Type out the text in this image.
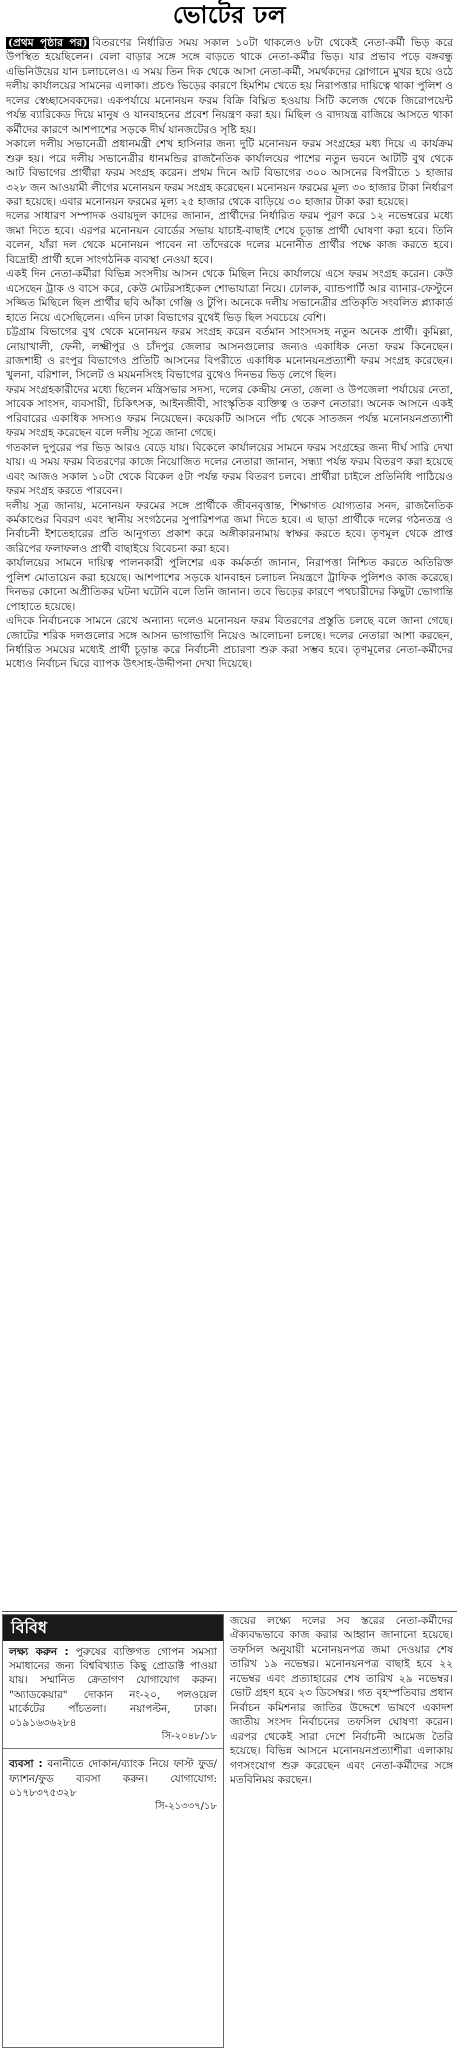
ভোটের ঢল

(প্রথম পৃষ্ঠার পর) বিতরণের নির্ধারিত সময় সকাল ১০টা থাকলেও ৮টা থেকেই নেতা-কর্মী ভিড় করে উপস্থিত হয়েছিলেন। বেলা বাড়ার সঙ্গে সঙ্গে বাড়তে থাকে নেতা-কর্মীর ভিড়। যার প্রভাব পড়ে বঙ্গবন্ধু এভিনিউয়ের যান চলাচলেও। এ সময় তিন দিক থেকে আসা নেতা-কর্মী, সমর্থকদের স্লোগানে মুখর হয়ে ওঠে দলীয় কার্যালয়ের সামনের এলাকা। প্রচণ্ড ভিড়ের কারণে হিমশিম খেতে হয় নিরাপত্তার দায়িত্বে থাকা পুলিশ ও দলের স্বেচ্ছাসেবকদের। একপর্যায়ে মনোনয়ন ফরম বিক্রি বিঘ্নিত হওয়ায় সিটি কলেজ থেকে জিরোপয়েন্ট পর্যন্ত ব্যারিকেড দিয়ে মানুষ ও যানবাহনের প্রবেশ নিয়ন্ত্রণ করা হয়। মিছিল ও বাদ্যযন্ত্র বাজিয়ে আসতে থাকা কর্মীদের কারণে আশপাশের সড়কে দীর্ঘ যানজটেরও সৃষ্টি হয়।

সকালে দলীয় সভানেত্রী প্রধানমন্ত্রী শেখ হাসিনার জন্য দুটি মনোনয়ন ফরম সংগ্রহের মধ্য দিয়ে এ কার্যক্রম শুরু হয়। পরে দলীয় সভানেত্রীর ধানমন্ডির রাজনৈতিক কার্যালয়ের পাশের নতুন ভবনে আটটি বুথ থেকে আট বিভাগের প্রার্থীরা ফরম সংগ্রহ করেন। প্রথম দিনে আট বিভাগের ৩০০ আসনের বিপরীতে ১ হাজার ৩২৮ জন আওয়ামী লীগের মনোনয়ন ফরম সংগ্রহ করেছেন। মনোনয়ন ফরমের মূল্য ৩০ হাজার টাকা নির্ধারণ করা হয়েছে। এবার মনোনয়ন ফরমের মূল্য ২৫ হাজার থেকে বাড়িয়ে ৩০ হাজার টাকা করা হয়েছে।

দলের সাধারণ সম্পাদক ওবায়দুল কাদের জানান, প্রার্থীদের নির্ধারিত ফরম পূরণ করে ১২ নভেম্বরের মধ্যে জমা দিতে হবে। এরপর মনোনয়ন বোর্ডের সভায় যাচাই-বাছাই শেষে চূড়ান্ত প্রার্থী ঘোষণা করা হবে। তিনি বলেন, যাঁরা দল থেকে মনোনয়ন পাবেন না তাঁদেরকে দলের মনোনীত প্রার্থীর পক্ষে কাজ করতে হবে। বিদ্রোহী প্রার্থী হলে সাংগঠনিক ব্যবস্থা নেওয়া হবে।

একই দিন নেতা-কর্মীরা বিভিন্ন সংসদীয় আসন থেকে মিছিল নিয়ে কার্যালয়ে এসে ফরম সংগ্রহ করেন। কেউ এসেছেন ট্রাক ও বাসে করে, কেউ মোটরসাইকেল শোভাযাত্রা নিয়ে। ঢোলক, ব্যান্ডপার্টি আর ব্যানার-ফেস্টুনে সজ্জিত মিছিলে ছিল প্রার্থীর ছবি আঁকা গেঞ্জি ও টুপি। অনেকে দলীয় সভানেত্রীর প্রতিকৃতি সংবলিত প্ল্যাকার্ড হাতে নিয়ে এসেছিলেন। এদিন ঢাকা বিভাগের বুথেই ভিড় ছিল সবচেয়ে বেশি।

চট্টগ্রাম বিভাগের বুথ থেকে মনোনয়ন ফরম সংগ্রহ করেন বর্তমান সাংসদসহ নতুন অনেক প্রার্থী। কুমিল্লা, নোয়াখালী, ফেনী, লক্ষ্মীপুর ও চাঁদপুর জেলার আসনগুলোর জন্যও একাধিক নেতা ফরম কিনেছেন। রাজশাহী ও রংপুর বিভাগেও প্রতিটি আসনের বিপরীতে একাধিক মনোনয়নপ্রত্যাশী ফরম সংগ্রহ করেছেন। খুলনা, বরিশাল, সিলেট ও ময়মনসিংহ বিভাগের বুথেও দিনভর ভিড় লেগে ছিল।

ফরম সংগ্রহকারীদের মধ্যে ছিলেন মন্ত্রিসভার সদস্য, দলের কেন্দ্রীয় নেতা, জেলা ও উপজেলা পর্যায়ের নেতা, সাবেক সাংসদ, ব্যবসায়ী, চিকিৎসক, আইনজীবী, সাংস্কৃতিক ব্যক্তিত্ব ও তরুণ নেতারা। অনেক আসনে একই পরিবারের একাধিক সদস্যও ফরম নিয়েছেন। কয়েকটি আসনে পাঁচ থেকে সাতজন পর্যন্ত মনোনয়নপ্রত্যাশী ফরম সংগ্রহ করেছেন বলে দলীয় সূত্রে জানা গেছে।

গতকাল দুপুরের পর ভিড় আরও বেড়ে যায়। বিকেলে কার্যালয়ের সামনে ফরম সংগ্রহের জন্য দীর্ঘ সারি দেখা যায়। এ সময় ফরম বিতরণের কাজে নিয়োজিত দলের নেতারা জানান, সন্ধ্যা পর্যন্ত ফরম বিতরণ করা হয়েছে এবং আজও সকাল ১০টা থেকে বিকেল ৫টা পর্যন্ত ফরম বিতরণ চলবে। প্রার্থীরা চাইলে প্রতিনিধি পাঠিয়েও ফরম সংগ্রহ করতে পারবেন।

দলীয় সূত্র জানায়, মনোনয়ন ফরমের সঙ্গে প্রার্থীকে জীবনবৃত্তান্ত, শিক্ষাগত যোগ্যতার সনদ, রাজনৈতিক কর্মকাণ্ডের বিবরণ এবং স্থানীয় সংগঠনের সুপারিশপত্র জমা দিতে হবে। এ ছাড়া প্রার্থীকে দলের গঠনতন্ত্র ও নির্বাচনী ইশতেহারের প্রতি আনুগত্য প্রকাশ করে অঙ্গীকারনামায় স্বাক্ষর করতে হবে। তৃণমূল থেকে প্রাপ্ত জরিপের ফলাফলও প্রার্থী বাছাইয়ে বিবেচনা করা হবে।

কার্যালয়ের সামনে দায়িত্ব পালনকারী পুলিশের এক কর্মকর্তা জানান, নিরাপত্তা নিশ্চিত করতে অতিরিক্ত পুলিশ মোতায়েন করা হয়েছে। আশপাশের সড়কে যানবাহন চলাচল নিয়ন্ত্রণে ট্রাফিক পুলিশও কাজ করেছে। দিনভর কোনো অপ্রীতিকর ঘটনা ঘটেনি বলে তিনি জানান। তবে ভিড়ের কারণে পথচারীদের কিছুটা ভোগান্তি পোহাতে হয়েছে।

এদিকে নির্বাচনকে সামনে রেখে অন্যান্য দলেও মনোনয়ন ফরম বিতরণের প্রস্তুতি চলছে বলে জানা গেছে। জোটের শরিক দলগুলোর সঙ্গে আসন ভাগাভাগি নিয়েও আলোচনা চলছে। দলের নেতারা আশা করছেন, নির্ধারিত সময়ের মধ্যেই প্রার্থী চূড়ান্ত করে নির্বাচনী প্রচারণা শুরু করা সম্ভব হবে। তৃণমূলের নেতা-কর্মীদের মধ্যেও নির্বাচন ঘিরে ব্যাপক উৎসাহ-উদ্দীপনা দেখা দিয়েছে।

বিবিধ
লক্ষ্য করুন : পুরুষের ব্যক্তিগত গোপন সমস্যা সমাধানের জন্য বিশ্ববিখ্যাত কিছু প্রোডাক্ট পাওয়া যায়। সম্মানিত ক্রেতাগণ যোগাযোগ করুন। "অ্যাডকেয়ার" দোকান নং-২০, পলওয়েল মার্কেটের পাঁচতলা। নয়াপল্টন, ঢাকা। ০১৯১৬৩৬২৮৪
সি-২০৪৮/১৮
ব্যবসা : বনানীতে দোকান/ব্যাংক নিয়ে ফাস্ট ফুড/ফ্যাশন/ফুড ব্যবসা করুন। যোগাযোগ: ০১৭৮৩৭৫৩২৮
সি-২১৩৩৭/১৮

জয়ের লক্ষ্যে দলের সব স্তরের নেতা-কর্মীদের ঐক্যবদ্ধভাবে কাজ করার আহ্বান জানানো হয়েছে। তফসিল অনুযায়ী মনোনয়নপত্র জমা দেওয়ার শেষ তারিখ ১৯ নভেম্বর। মনোনয়নপত্র বাছাই হবে ২২ নভেম্বর এবং প্রত্যাহারের শেষ তারিখ ২৯ নভেম্বর। ভোট গ্রহণ হবে ২৩ ডিসেম্বর। গত বৃহস্পতিবার প্রধান নির্বাচন কমিশনার জাতির উদ্দেশে ভাষণে একাদশ জাতীয় সংসদ নির্বাচনের তফসিল ঘোষণা করেন। এরপর থেকেই সারা দেশে নির্বাচনী আমেজ তৈরি হয়েছে। বিভিন্ন আসনে মনোনয়নপ্রত্যাশীরা এলাকায় গণসংযোগ শুরু করেছেন এবং নেতা-কর্মীদের সঙ্গে মতবিনিময় করছেন।
